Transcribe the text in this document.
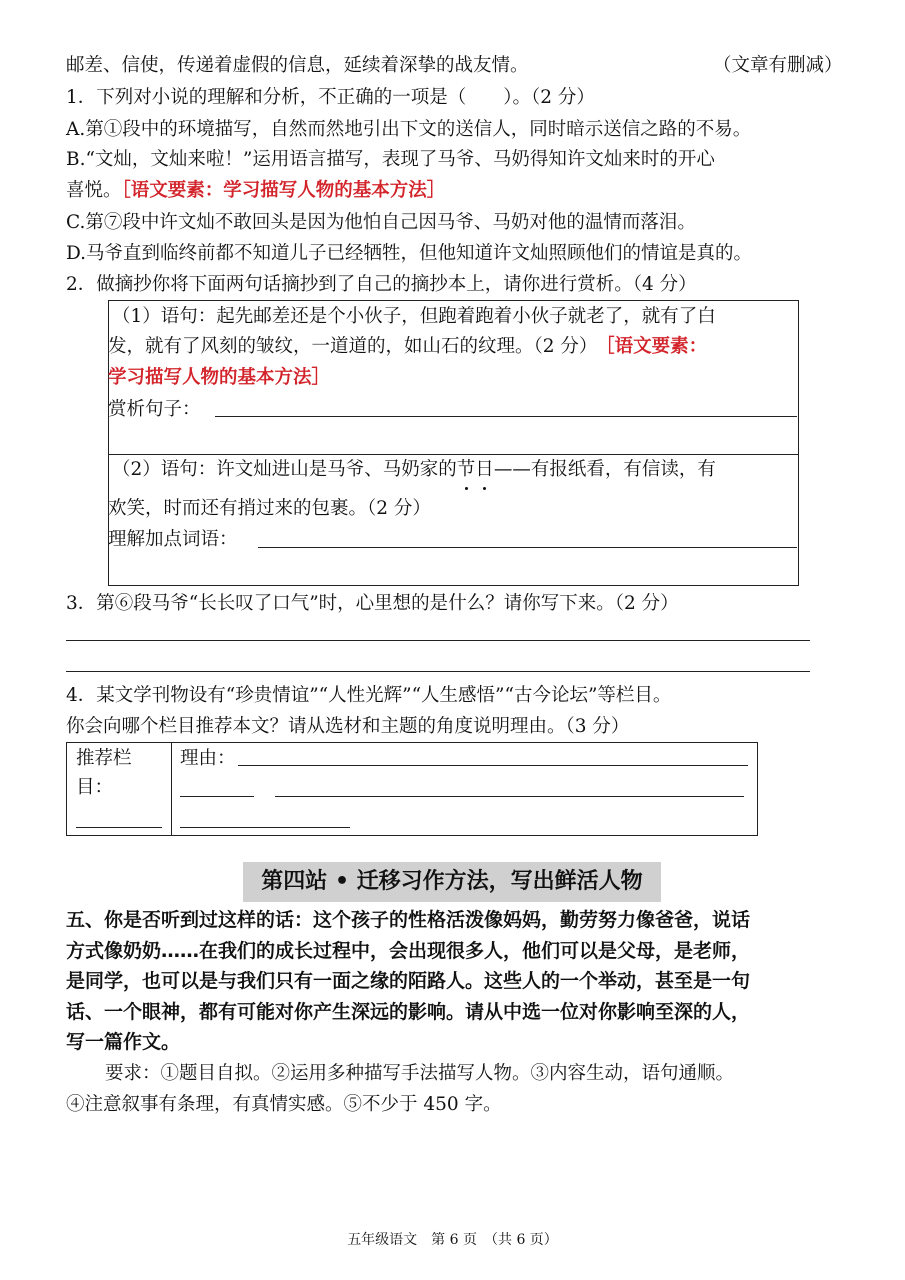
邮差、信使，传递着虚假的信息，延续着深挚的战友情。	（文章有删减）
1．下列对小说的理解和分析，不正确的一项是（　　）。（2 分）
A.第①段中的环境描写，自然而然地引出下文的送信人，同时暗示送信之路的不易。
B.“文灿，文灿来啦！”运用语言描写，表现了马爷、马奶得知许文灿来时的开心
喜悦。［语文要素：学习描写人物的基本方法］
C.第⑦段中许文灿不敢回头是因为他怕自己因马爷、马奶对他的温情而落泪。
D.马爷直到临终前都不知道儿子已经牺牲，但他知道许文灿照顾他们的情谊是真的。
2．做摘抄你将下面两句话摘抄到了自己的摘抄本上，请你进行赏析。（4 分）
（1）语句：起先邮差还是个小伙子，但跑着跑着小伙子就老了，就有了白
发，就有了风刻的皱纹，一道道的，如山石的纹理。（2 分） ［语文要素：
学习描写人物的基本方法］
赏析句子：
（2）语句：许文灿进山是马爷、马奶家的节日——有报纸看，有信读，有
欢笑，时而还有捎过来的包裹。（2 分）
理解加点词语：
3．第⑥段马爷“长长叹了口气”时，心里想的是什么？请你写下来。（2 分）
4．某文学刊物设有“珍贵情谊”“人性光辉”“人生感悟”“古今论坛”等栏目。
你会向哪个栏目推荐本文？请从选材和主题的角度说明理由。（3 分）
推荐栏
目：
理由：
第四站 • 迁移习作方法，写出鲜活人物
五、你是否听到过这样的话：这个孩子的性格活泼像妈妈，勤劳努力像爸爸，说话
方式像奶奶……在我们的成长过程中，会出现很多人，他们可以是父母，是老师，
是同学，也可以是与我们只有一面之缘的陌路人。这些人的一个举动，甚至是一句
话、一个眼神，都有可能对你产生深远的影响。请从中选一位对你影响至深的人，
写一篇作文。
要求：①题目自拟。②运用多种描写手法描写人物。③内容生动，语句通顺。
④注意叙事有条理，有真情实感。⑤不少于 450 字。
五年级语文　第 6 页　（共 6 页）
